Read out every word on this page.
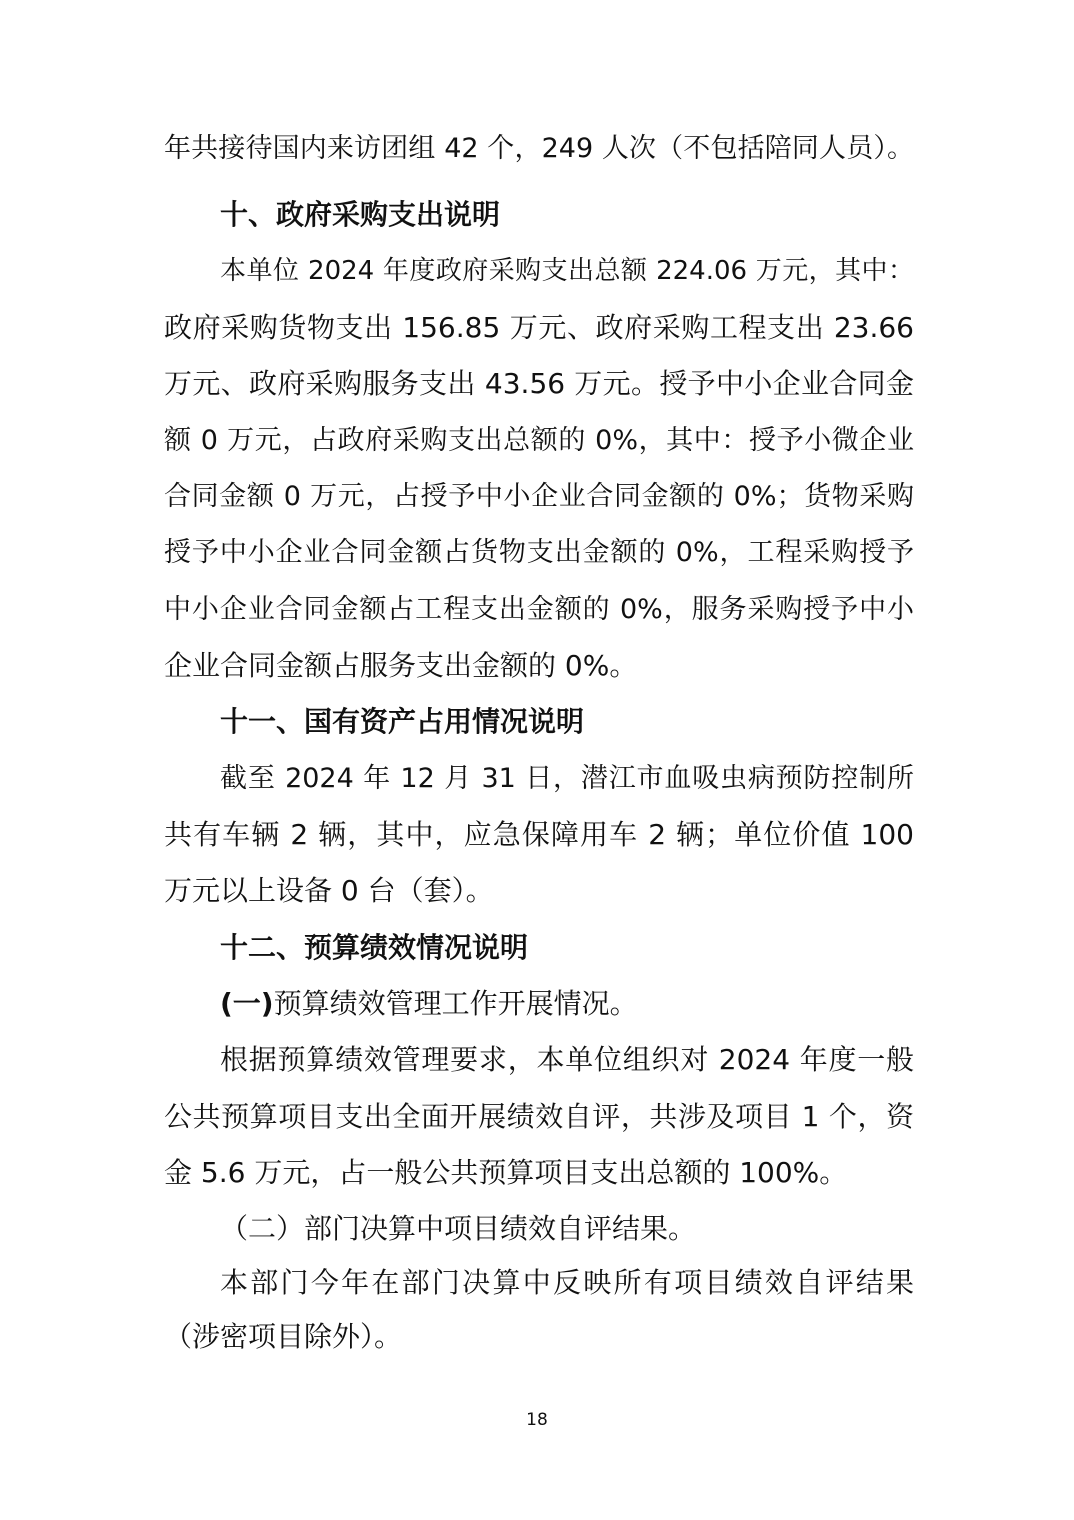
年共接待国内来访团组 42 个，249 人次（不包括陪同人员）。
十、政府采购支出说明
本单位 2024 年度政府采购支出总额 224.06 万元，其中：
政府采购货物支出 156.85 万元、政府采购工程支出 23.66
万元、政府采购服务支出 43.56 万元。授予中小企业合同金
额 0 万元，占政府采购支出总额的 0%，其中：授予小微企业
合同金额 0 万元，占授予中小企业合同金额的 0%；货物采购
授予中小企业合同金额占货物支出金额的 0%，工程采购授予
中小企业合同金额占工程支出金额的 0%，服务采购授予中小
企业合同金额占服务支出金额的 0%。
十一、国有资产占用情况说明
截至 2024 年 12 月 31 日，潜江市血吸虫病预防控制所
共有车辆 2 辆，其中，应急保障用车 2 辆；单位价值 100
万元以上设备 0 台（套）。
十二、预算绩效情况说明
(一)预算绩效管理工作开展情况。
根据预算绩效管理要求，本单位组织对 2024 年度一般
公共预算项目支出全面开展绩效自评，共涉及项目 1 个，资
金 5.6 万元，占一般公共预算项目支出总额的 100%。
（二）部门决算中项目绩效自评结果。
本部门今年在部门决算中反映所有项目绩效自评结果
（涉密项目除外）。
18
